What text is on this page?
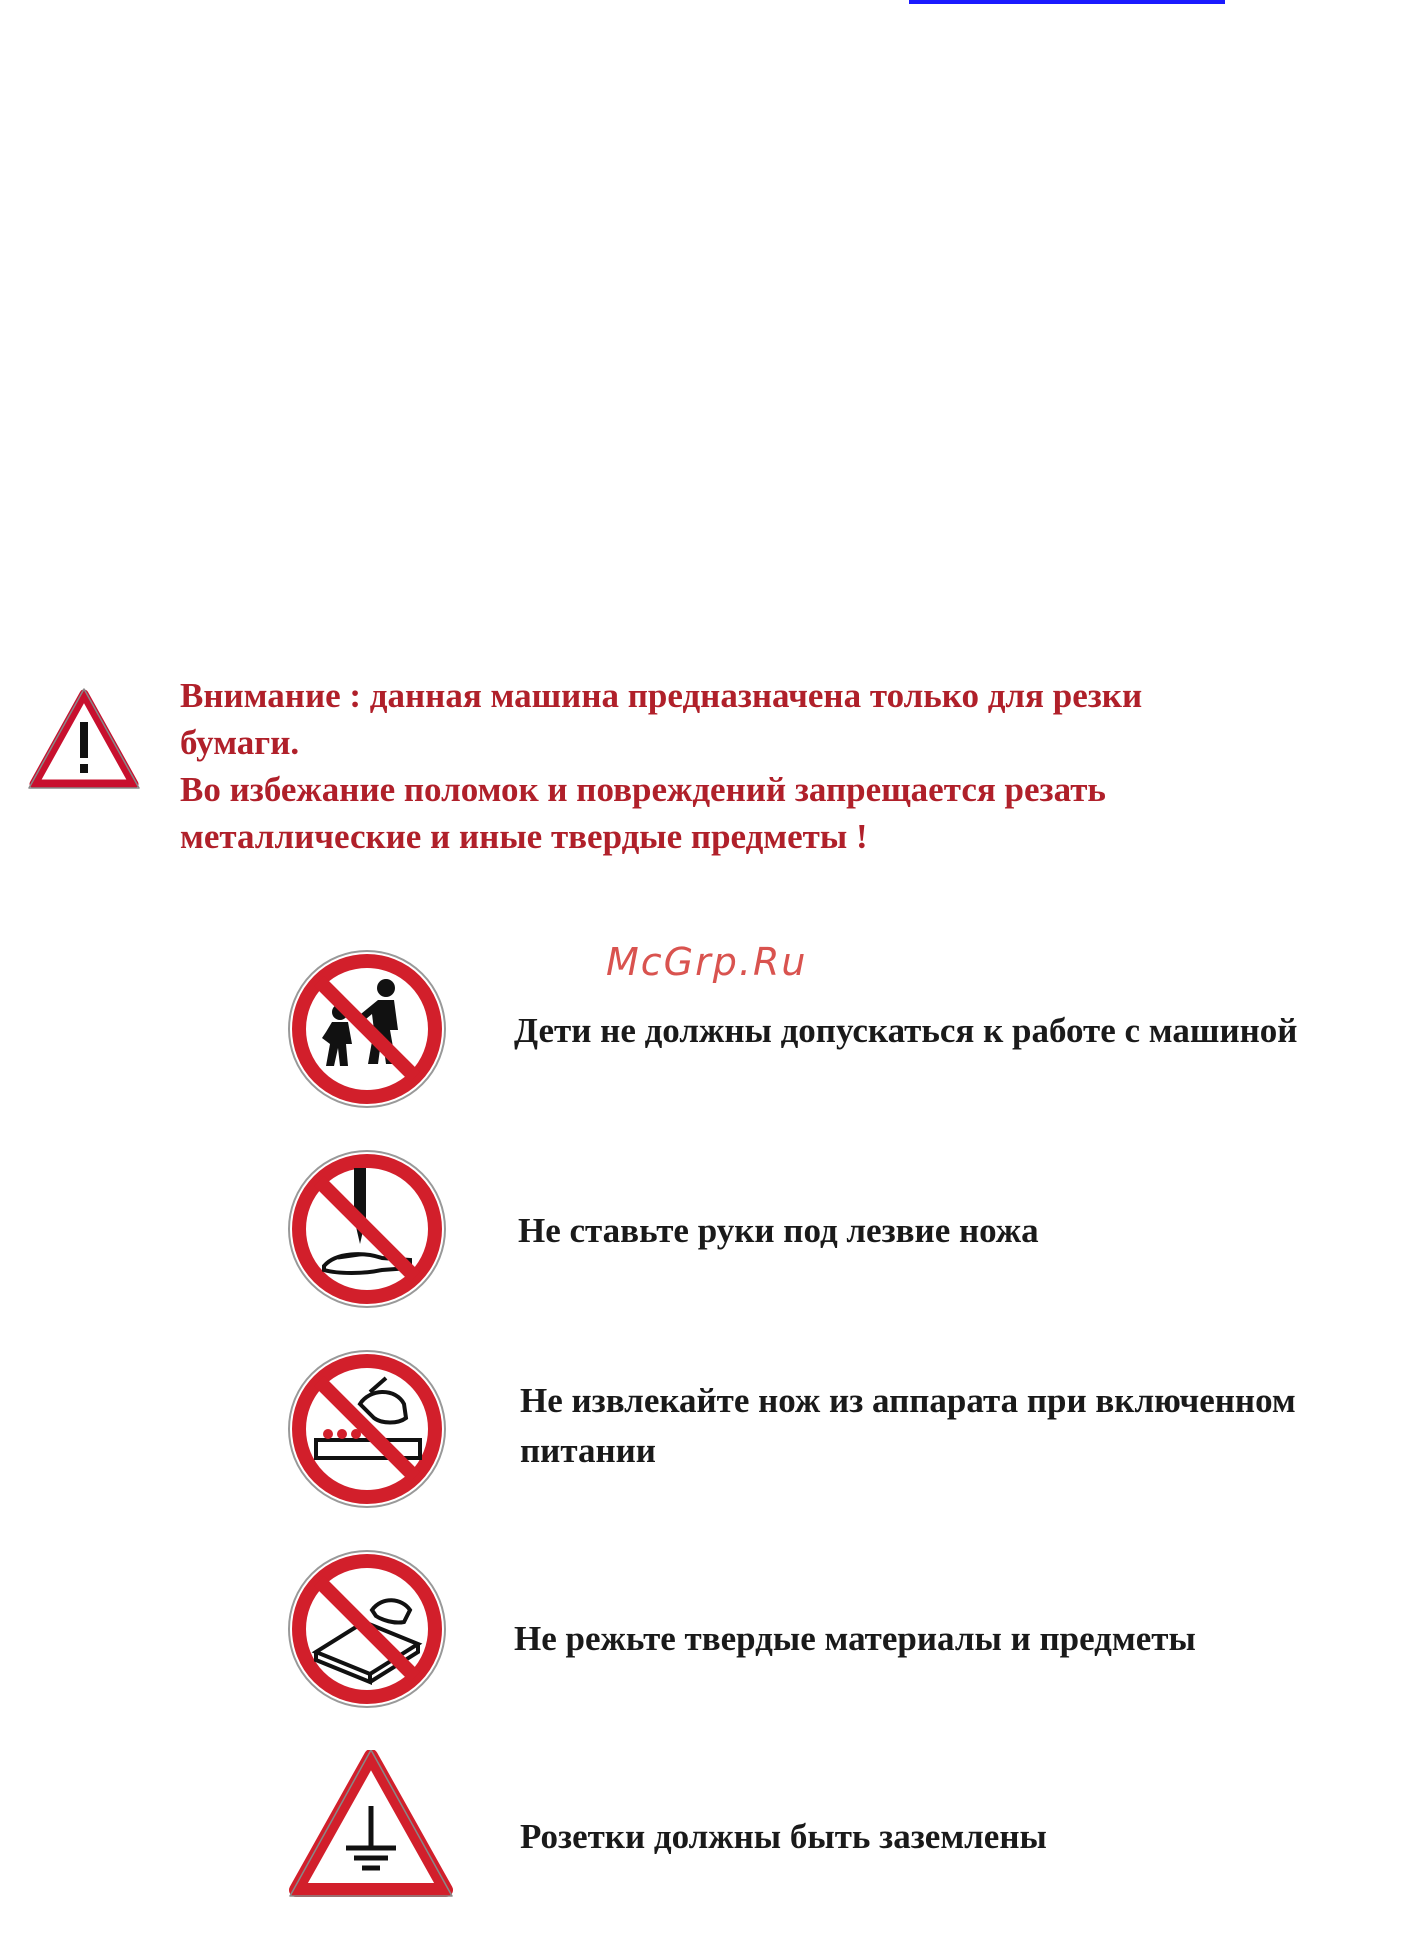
Внимание : данная машина предназначена только для резки
бумаги.
Во избежание поломок и повреждений запрещается резать
металлические и иные твердые предметы !
McGrp.Ru
Дети не должны допускаться к работе с машиной
Не ставьте руки под лезвие ножа
Не извлекайте нож из аппарата при включенном
питании
Не режьте твердые материалы и предметы
Розетки должны быть заземлены
